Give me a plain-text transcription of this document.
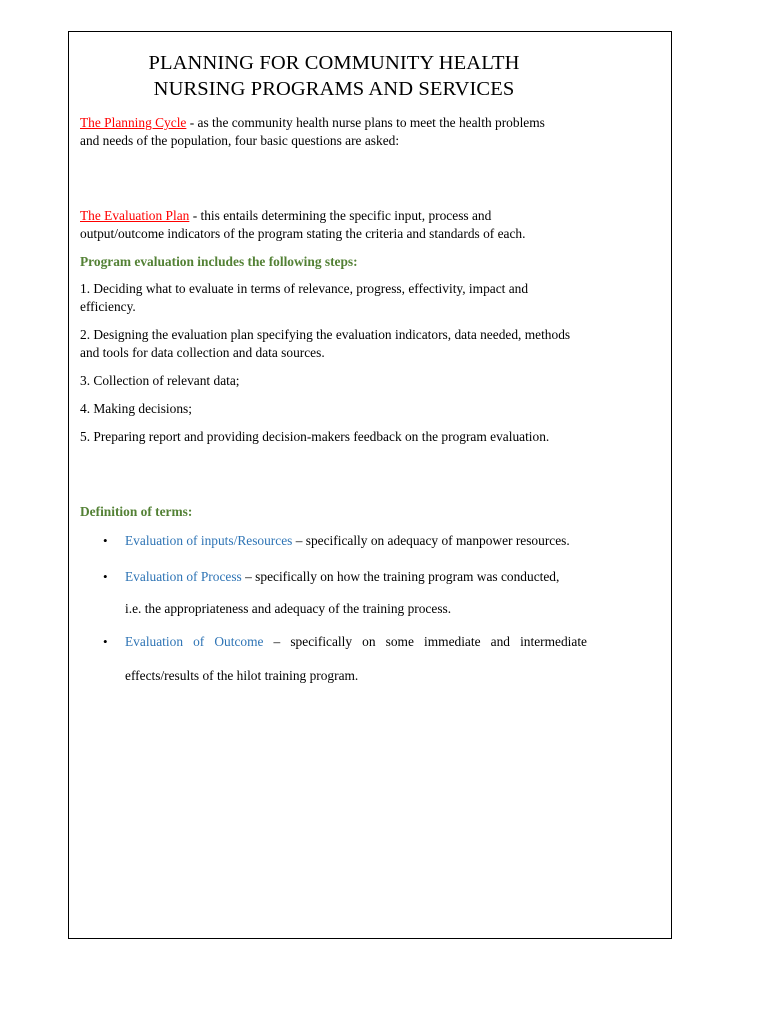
PLANNING FOR COMMUNITY HEALTH
NURSING PROGRAMS AND SERVICES
The Planning Cycle - as the community health nurse plans to meet the health problems
and needs of the population, four basic questions are asked:
The Evaluation Plan - this entails determining the specific input, process and
output/outcome indicators of the program stating the criteria and standards of each.
Program evaluation includes the following steps:
1. Deciding what to evaluate in terms of relevance, progress, effectivity, impact and
efficiency.
2. Designing the evaluation plan specifying the evaluation indicators, data needed, methods
and tools for data collection and data sources.
3. Collection of relevant data;
4. Making decisions;
5. Preparing report and providing decision-makers feedback on the program evaluation.
Definition of terms:
• Evaluation of inputs/Resources – specifically on adequacy of manpower resources.
• Evaluation of Process – specifically on how the training program was conducted,
i.e. the appropriateness and adequacy of the training process.
• Evaluation of Outcome – specifically on some immediate and intermediate
effects/results of the hilot training program.
